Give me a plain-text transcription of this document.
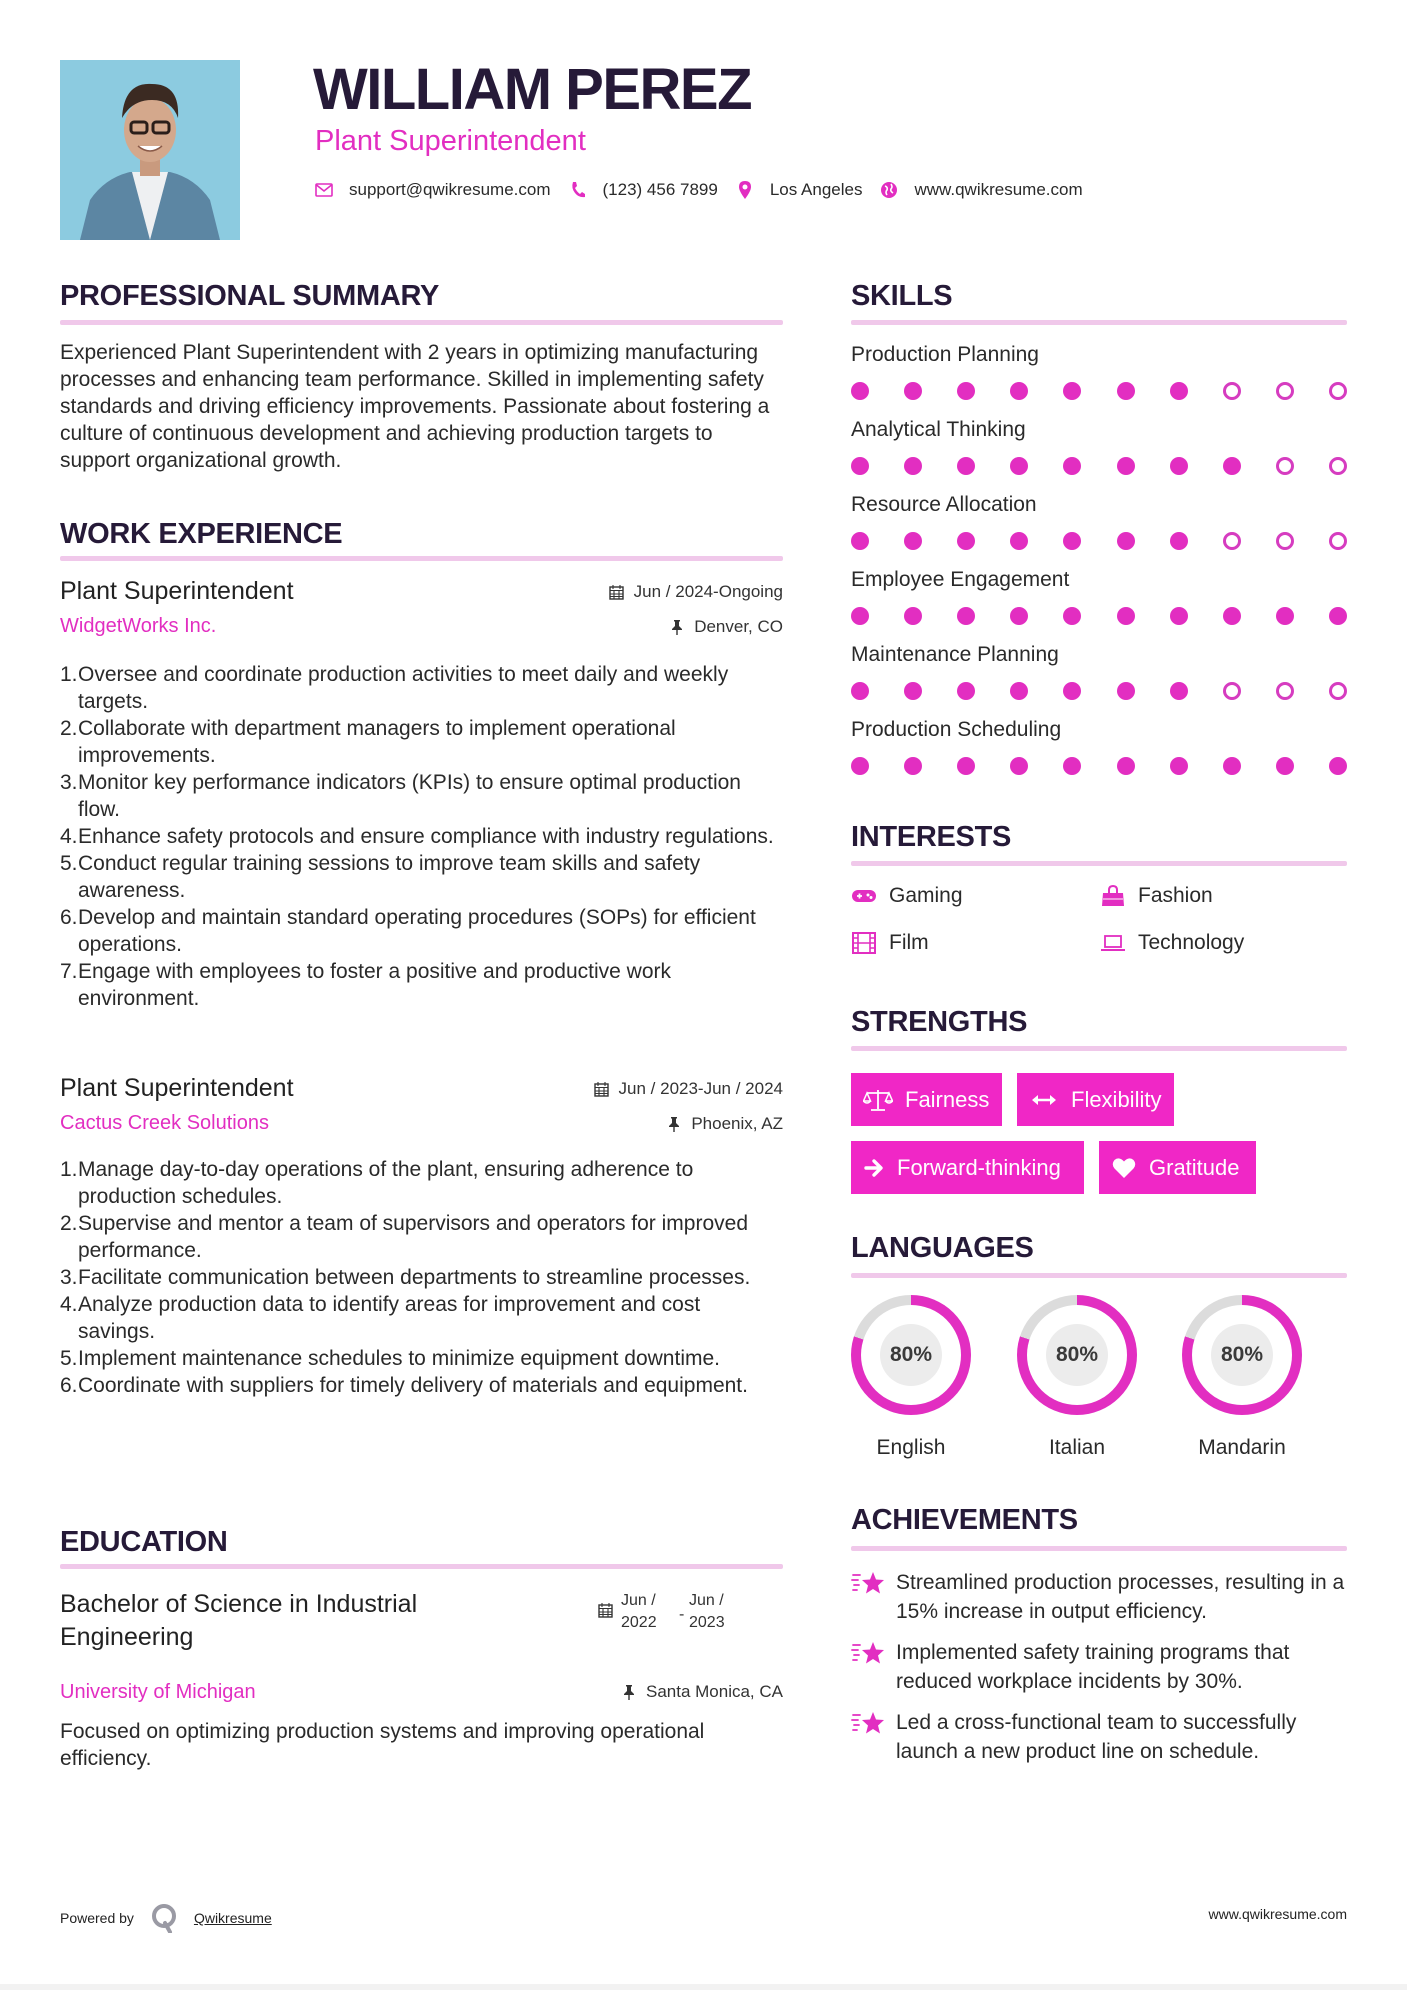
WILLIAM PEREZ
Plant Superintendent
support@qwikresume.com	(123) 456 7899	Los Angeles	www.qwikresume.com
PROFESSIONAL SUMMARY
Experienced Plant Superintendent with 2 years in optimizing manufacturing processes and enhancing team performance. Skilled in implementing safety standards and driving efficiency improvements. Passionate about fostering a culture of continuous development and achieving production targets to support organizational growth.
WORK EXPERIENCE
Plant Superintendent	Jun / 2024-Ongoing
WidgetWorks Inc.	Denver, CO
1. Oversee and coordinate production activities to meet daily and weekly targets.
2. Collaborate with department managers to implement operational improvements.
3. Monitor key performance indicators (KPIs) to ensure optimal production flow.
4. Enhance safety protocols and ensure compliance with industry regulations.
5. Conduct regular training sessions to improve team skills and safety awareness.
6. Develop and maintain standard operating procedures (SOPs) for efficient operations.
7. Engage with employees to foster a positive and productive work environment.
Plant Superintendent	Jun / 2023-Jun / 2024
Cactus Creek Solutions	Phoenix, AZ
1. Manage day-to-day operations of the plant, ensuring adherence to production schedules.
2. Supervise and mentor a team of supervisors and operators for improved performance.
3. Facilitate communication between departments to streamline processes.
4. Analyze production data to identify areas for improvement and cost savings.
5. Implement maintenance schedules to minimize equipment downtime.
6. Coordinate with suppliers for timely delivery of materials and equipment.
EDUCATION
Bachelor of Science in Industrial Engineering
Jun / 2022	-
Jun / 2023
University of Michigan	Santa Monica, CA
Focused on optimizing production systems and improving operational efficiency.
SKILLS
Production Planning
Analytical Thinking
Resource Allocation
Employee Engagement
Maintenance Planning
Production Scheduling
INTERESTS
Gaming	Fashion
Film	Technology
STRENGTHS
Fairness	Flexibility
Forward-thinking	Gratitude
LANGUAGES
80%
English
80%
Italian
80%
Mandarin
ACHIEVEMENTS
Streamlined production processes, resulting in a 15% increase in output efficiency.
Implemented safety training programs that reduced workplace incidents by 30%.
Led a cross-functional team to successfully launch a new product line on schedule.
Powered by	Qwikresume	www.qwikresume.com
